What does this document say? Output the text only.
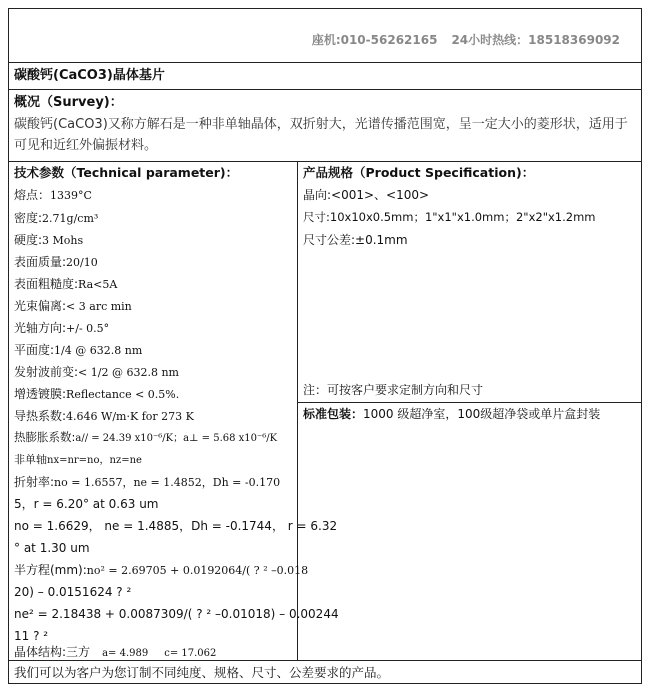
座机:010-56262165 24小时热线：18518369092
碳酸钙(CaCO3)晶体基片
概况（Survey)：
碳酸钙(CaCO3)又称方解石是一种非单轴晶体，双折射大，光谱传播范围宽，呈一定大小的菱形状，适用于可见和近红外偏振材料。
技术参数（Technical parameter)：
熔点：1339°C
密度:2.71g/cm³
硬度:3 Mohs
表面质量:20/10
表面粗糙度:Ra<5A
光束偏离:< 3 arc min
光轴方向:+/- 0.5°
平面度:1/4 @ 632.8 nm
发射波前变:< 1/2 @ 632.8 nm
增透镀膜:Reflectance < 0.5%.
导热系数:4.646 W/m·K for 273 K
热膨胀系数:a// = 24.39 x10⁻⁶/K；a⊥ = 5.68 x10⁻⁶/K
非单轴nx=nr=no，nz=ne
折射率:no = 1.6557，ne = 1.4852，Dh = -0.170
5，r = 6.20° at 0.63 um
no = 1.6629， ne = 1.4885，Dh = -0.1744， r = 6.32
° at 1.30 um
半方程(mm):no² = 2.69705 + 0.0192064/( ? ² –0.018
20) – 0.0151624 ? ²
ne² = 2.18438 + 0.0087309/( ? ² –0.01018) – 0.00244
11 ? ²
晶体结构:三方 a= 4.989 c= 17.062
产品规格（Product Specification)：
晶向:<001>、<100>
尺寸:10x10x0.5mm；1"x1"x1.0mm；2"x2"x1.2mm
尺寸公差:±0.1mm
注：可按客户要求定制方向和尺寸
标准包装：1000 级超净室，100级超净袋或单片盒封装
我们可以为客户为您订制不同纯度、规格、尺寸、公差要求的产品。
